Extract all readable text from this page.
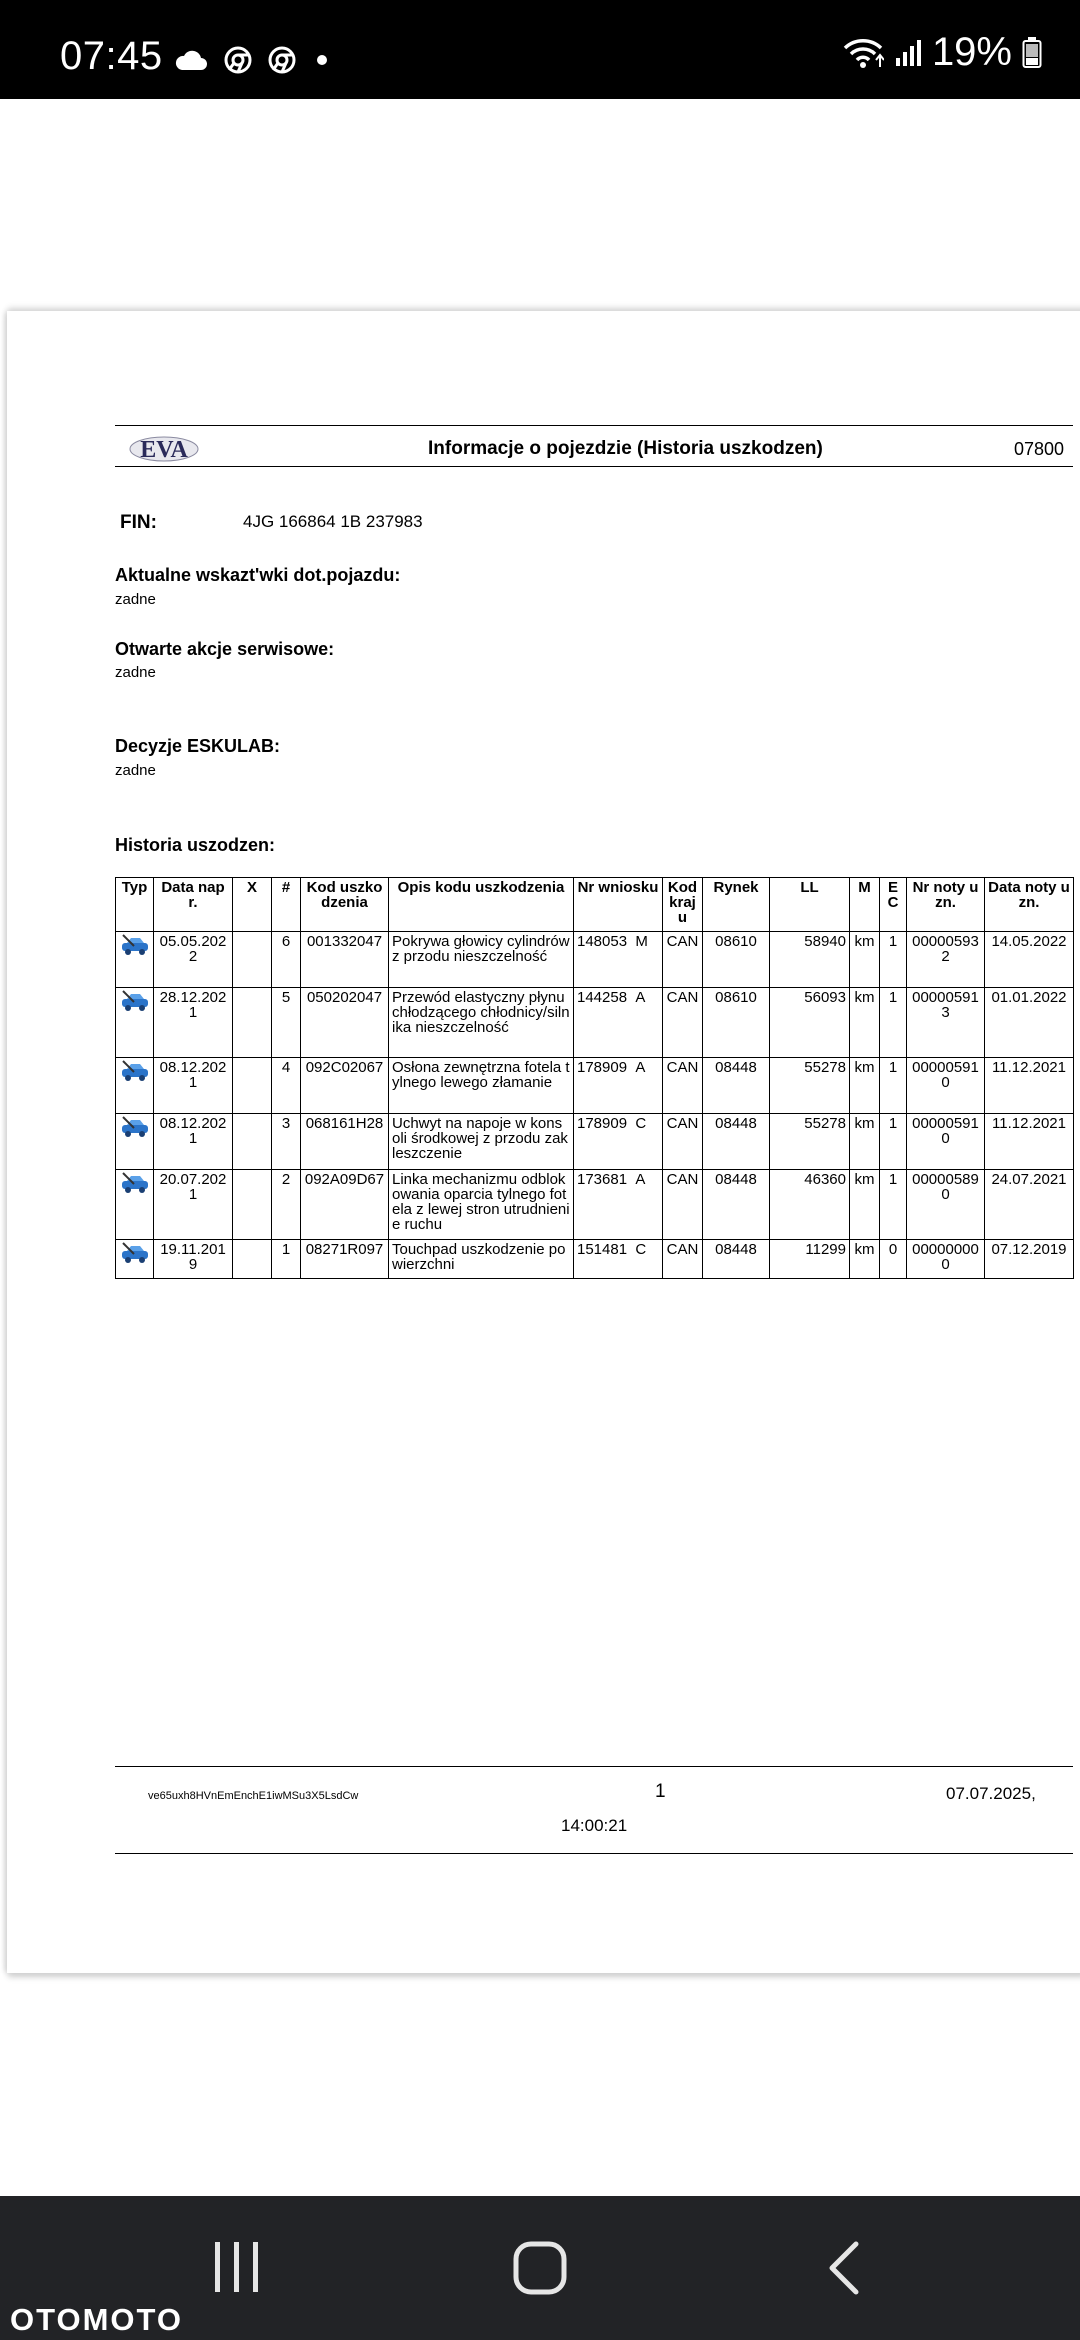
07:45	19%
EVA	Informacje o pojezdzie (Historia uszkodzen)	07800
FIN:	4JG 166864 1B 237983
Aktualne wskazt'wki dot.pojazdu:
zadne
Otwarte akcje serwisowe:
zadne
Decyzje ESKULAB:
zadne
Historia uszodzen:
Typ	Data napr.	X	#	Kod uszkodzenia	Opis kodu uszkodzenia	Nr wniosku	Kod kraju	Rynek	LL	M	EC	Nr noty uzn.	Data noty uzn.
	05.05.2022		6	001332047	Pokrywa głowicy cylindrów z przodu nieszczelność	148053 M	CAN	08610	58940	km	1	000005932	14.05.2022
	28.12.2021		5	050202047	Przewód elastyczny płynu chłodzącego chłodnicy/silnika nieszczelność	144258 A	CAN	08610	56093	km	1	000005913	01.01.2022
	08.12.2021		4	092C02067	Osłona zewnętrzna fotela tylnego lewego złamanie	178909 A	CAN	08448	55278	km	1	000005910	11.12.2021
	08.12.2021		3	068161H28	Uchwyt na napoje w konsoli środkowej z przodu zakleszczenie	178909 C	CAN	08448	55278	km	1	000005910	11.12.2021
	20.07.2021		2	092A09D67	Linka mechanizmu odblokowania oparcia tylnego fotela z lewej stron utrudnienie ruchu	173681 A	CAN	08448	46360	km	1	000005890	24.07.2021
	19.11.2019		1	08271R097	Touchpad uszkodzenie powierzchni	151481 C	CAN	08448	11299	km	0	000000000	07.12.2019
ve65uxh8HVnEmEnchE1iwMSu3X5LsdCw	1	07.07.2025,
14:00:21
OTOMOTO
